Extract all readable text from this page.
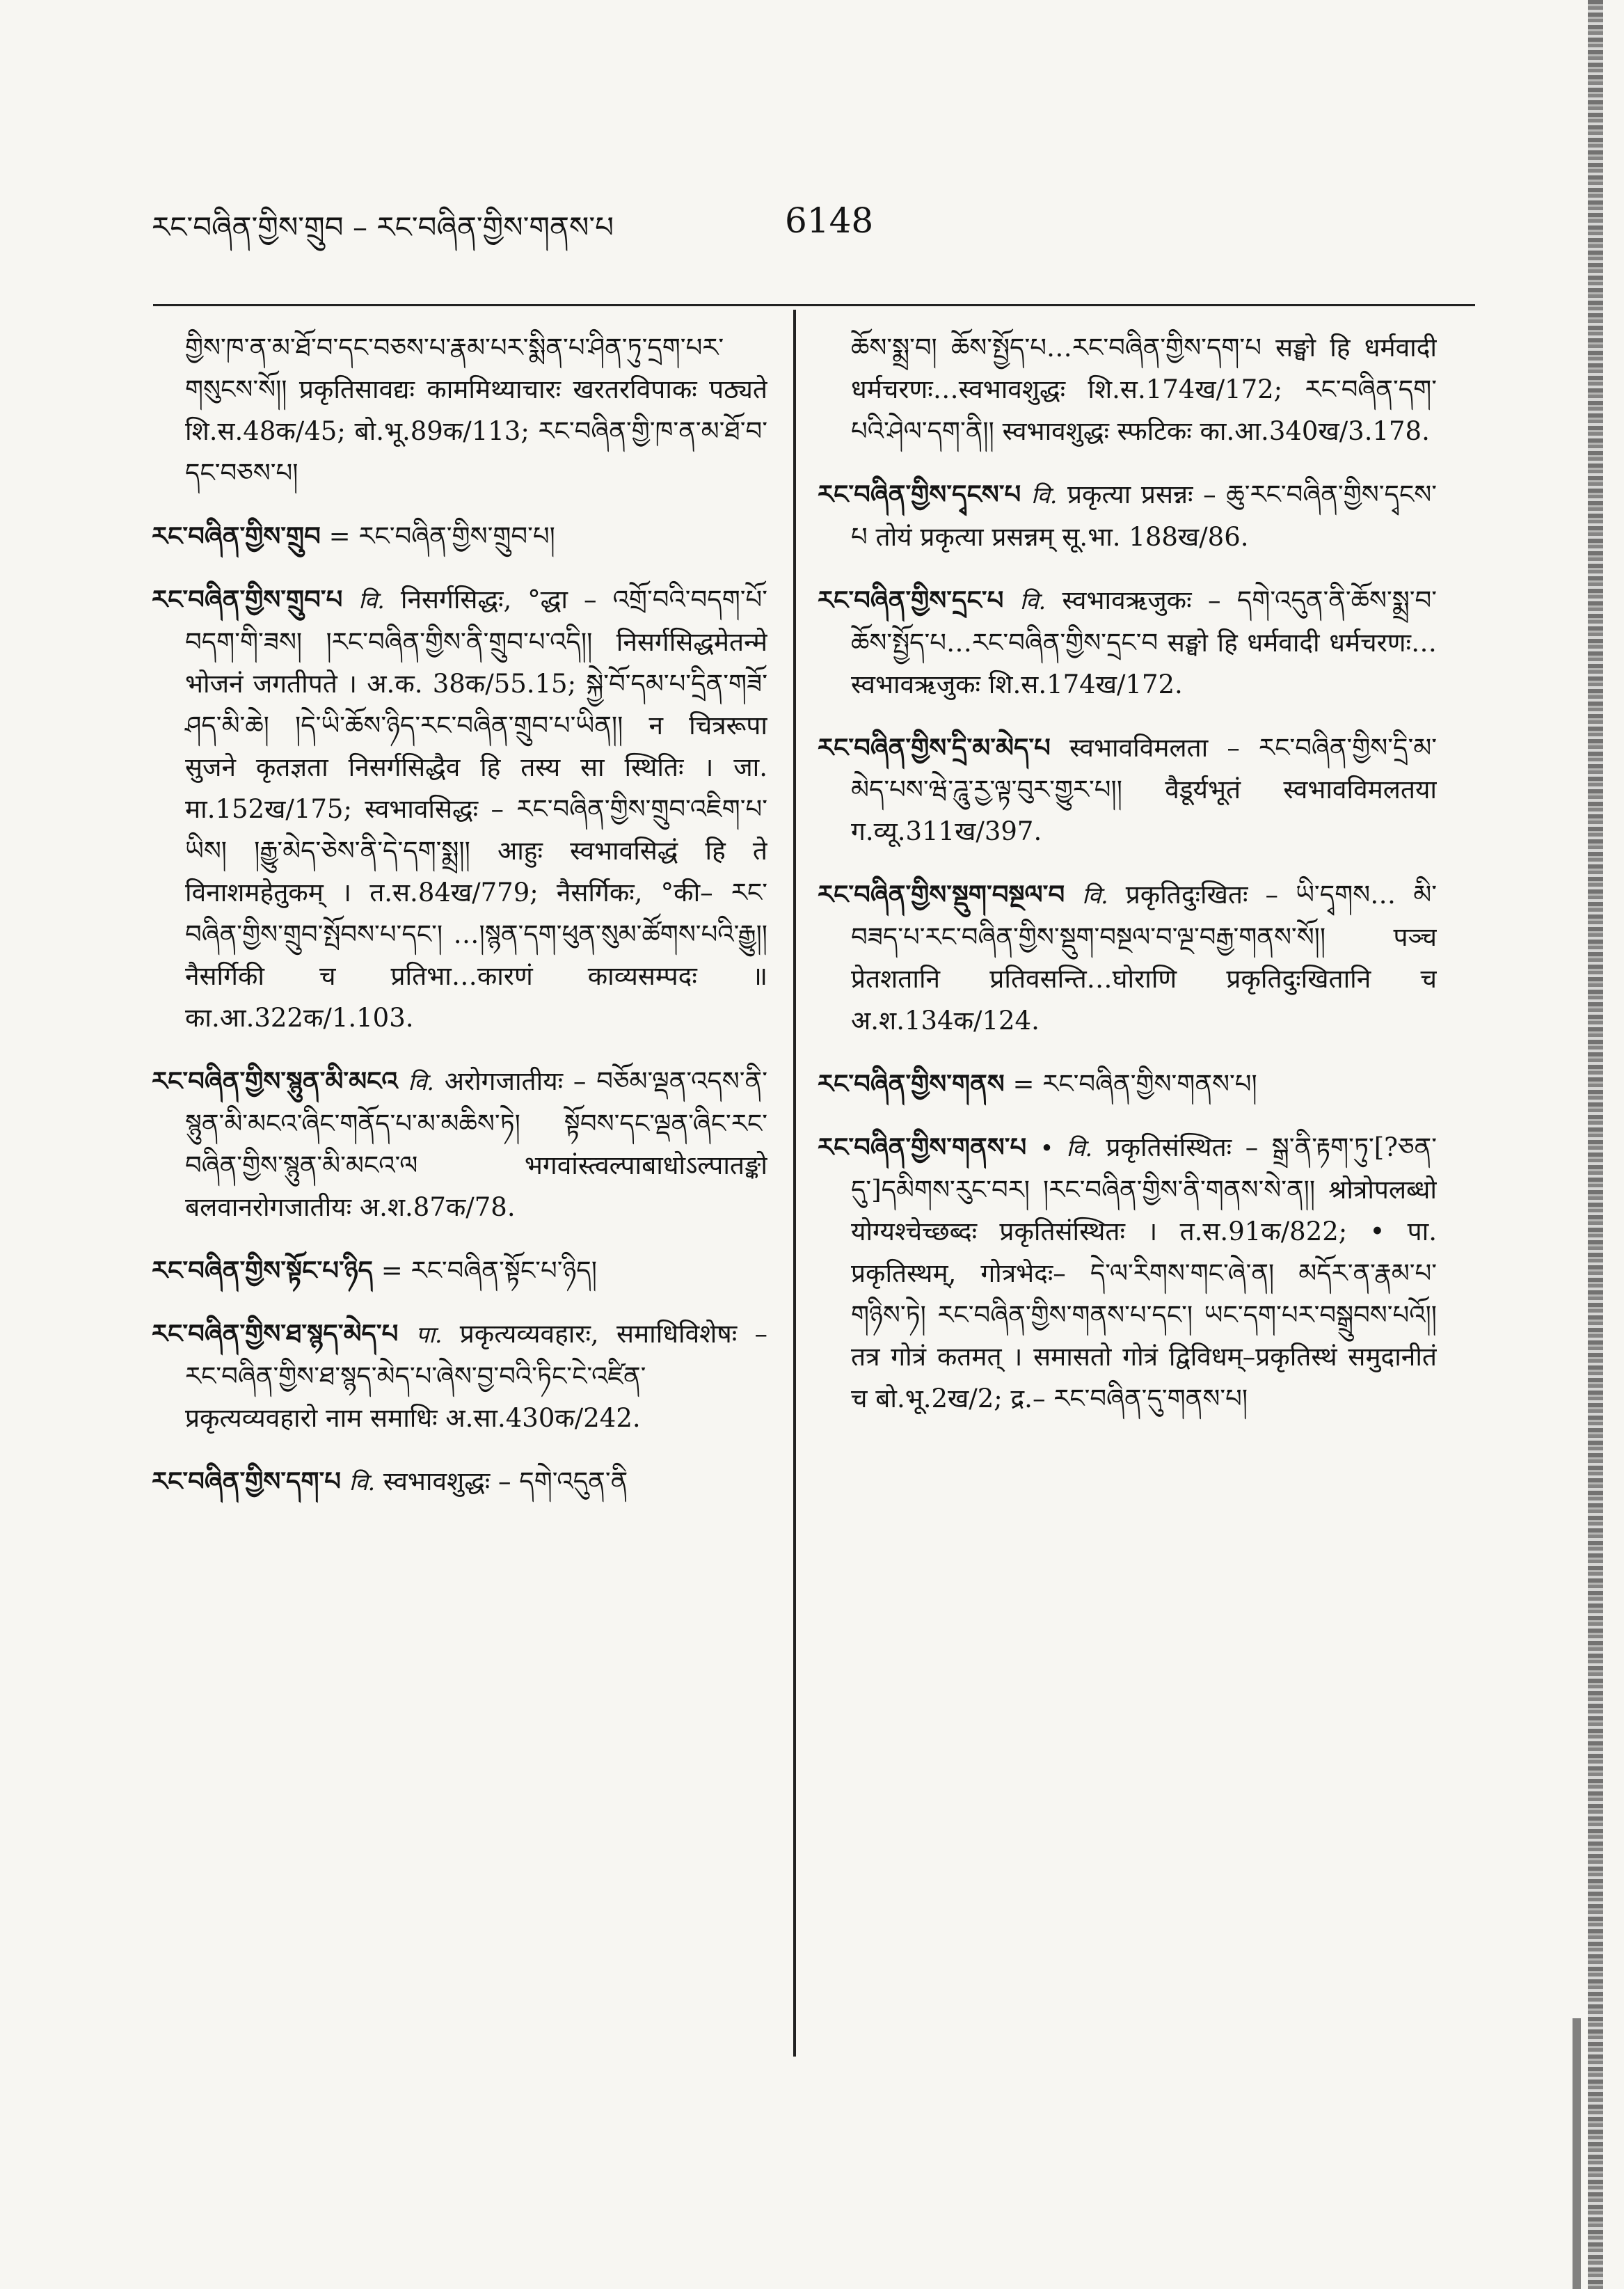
རང་བཞིན་གྱིས་གྲུབ – རང་བཞིན་གྱིས་གནས་པ	6148

གྱིས་ཁ་ན་མ་ཐོ་བ་དང་བཅས་པ་རྣམ་པར་སྨིན་པ་ཤིན་ཏུ་དྲག་པར་གསུངས་སོ།། प्रकृतिसावद्यः काममिथ्याचारः खरतरविपाकः पठ्यते शि.स.48क/45; बो.भू.89क/113; རང་བཞིན་གྱི་ཁ་ན་མ་ཐོ་བ་དང་བཅས་པ།

རང་བཞིན་གྱིས་གྲུབ = རང་བཞིན་གྱིས་གྲུབ་པ།

རང་བཞིན་གྱིས་གྲུབ་པ वि. निसर्गसिद्धः, °द्धा – འགྲོ་བའི་བདག་པོ་བདག་གི་ཟས། །རང་བཞིན་གྱིས་ནི་གྲུབ་པ་འདི།། निसर्गसिद्धमेतन्मे भोजनं जगतीपते । अ.क. 38क/55.15; སྐྱེ་བོ་དམ་པ་དྲིན་གཟོ་ཤད་མི་ཆེ། །དེ་ཡི་ཆོས་ཉིད་རང་བཞིན་གྲུབ་པ་ཡིན།། न चित्ररूपा सुजने कृतज्ञता निसर्गसिद्धैव हि तस्य सा स्थितिः । जा. मा.152ख/175; स्वभावसिद्धः – རང་བཞིན་གྱིས་གྲུབ་འཇིག་པ་ཡིས། །རྒྱུ་མེད་ཅེས་ནི་དེ་དག་སྨྲ།། आहुः स्वभावसिद्धं हि ते विनाशमहेतुकम् । त.स.84ख/779; नैसर्गिकः, °की– རང་བཞིན་གྱིས་གྲུབ་སྤོབས་པ་དང་། …།སྙན་དག་ཕུན་སུམ་ཚོགས་པའི་རྒྱུ།། नैसर्गिकी च प्रतिभा…कारणं काव्यसम्पदः ॥ का.आ.322क/1.103.

རང་བཞིན་གྱིས་སྙུན་མི་མངའ वि. अरोगजातीयः – བཅོམ་ལྡན་འདས་ནི་སྙུན་མི་མངའ་ཞིང་གནོད་པ་མ་མཆིས་ཏེ། སྟོབས་དང་ལྡན་ཞིང་རང་བཞིན་གྱིས་སྙུན་མི་མངའ་ལ भगवांस्त्वल्पाबाधोऽल्पातङ्को बलवानरोगजातीयः अ.श.87क/78.

རང་བཞིན་གྱིས་སྟོང་པ་ཉིད = རང་བཞིན་སྟོང་པ་ཉིད།

རང་བཞིན་གྱིས་ཐ་སྙད་མེད་པ पा. प्रकृत्यव्यवहारः, समाधिविशेषः – རང་བཞིན་གྱིས་ཐ་སྙད་མེད་པ་ཞེས་བྱ་བའི་ཏིང་ངེ་འཛིན་ प्रकृत्यव्यवहारो नाम समाधिः अ.सा.430क/242.

རང་བཞིན་གྱིས་དག་པ वि. स्वभावशुद्धः – དགེ་འདུན་ནི

ཆོས་སྨྲ་བ། ཆོས་སྤྱོད་པ…རང་བཞིན་གྱིས་དག་པ सङ्घो हि धर्मवादी धर्मचरणः…स्वभावशुद्धः शि.स.174ख/172; རང་བཞིན་དག་པའི་ཤེལ་དག་ནི།། स्वभावशुद्धः स्फटिकः का.आ.340ख/3.178.

རང་བཞིན་གྱིས་དྭངས་པ वि. प्रकृत्या प्रसन्नः – ཆུ་རང་བཞིན་གྱིས་དྭངས་པ तोयं प्रकृत्या प्रसन्नम् सू.भा. 188ख/86.

རང་བཞིན་གྱིས་དྲང་པ वि. स्वभावऋजुकः – དགེ་འདུན་ནི་ཆོས་སྨྲ་བ་ཆོས་སྤྱོད་པ…རང་བཞིན་གྱིས་དྲང་བ सङ्घो हि धर्मवादी धर्मचरणः…स्वभावऋजुकः शि.स.174ख/172.

རང་བཞིན་གྱིས་དྲི་མ་མེད་པ स्वभावविमलता – རང་བཞིན་གྱིས་དྲི་མ་མེད་པས་ཝེ་ཌཱུ་རྱ་ལྟ་བུར་གྱུར་པ།། वैडूर्यभूतं स्वभावविमलतया ग.व्यू.311ख/397.

རང་བཞིན་གྱིས་སྡུག་བསྔལ་བ वि. प्रकृतिदुःखितः – ཡི་དྭགས… མི་བཟད་པ་རང་བཞིན་གྱིས་སྡུག་བསྔལ་བ་ལྔ་བརྒྱ་གནས་སོ།། पञ्च प्रेतशतानि प्रतिवसन्ति…घोराणि प्रकृतिदुःखितानि च अ.श.134क/124.

རང་བཞིན་གྱིས་གནས = རང་བཞིན་གྱིས་གནས་པ།

རང་བཞིན་གྱིས་གནས་པ • वि. प्रकृतिसंस्थितः – སྒྲ་ནི་རྟག་ཏུ་[?ཅན་དུ་]དམིགས་རུང་བར། །རང་བཞིན་གྱིས་ནི་གནས་སེ་ན།། श्रोत्रोपलब्धो योग्यश्चेच्छब्दः प्रकृतिसंस्थितः । त.स.91क/822; • पा. प्रकृतिस्थम्, गोत्रभेदः– དེ་ལ་རིགས་གང་ཞེ་ན། མདོར་ན་རྣམ་པ་གཉིས་ཏེ། རང་བཞིན་གྱིས་གནས་པ་དང་། ཡང་དག་པར་བསྒྲུབས་པའོ།། तत्र गोत्रं कतमत् । समासतो गोत्रं द्विविधम्–प्रकृतिस्थं समुदानीतं च बो.भू.2ख/2; द्र.– རང་བཞིན་དུ་གནས་པ།
